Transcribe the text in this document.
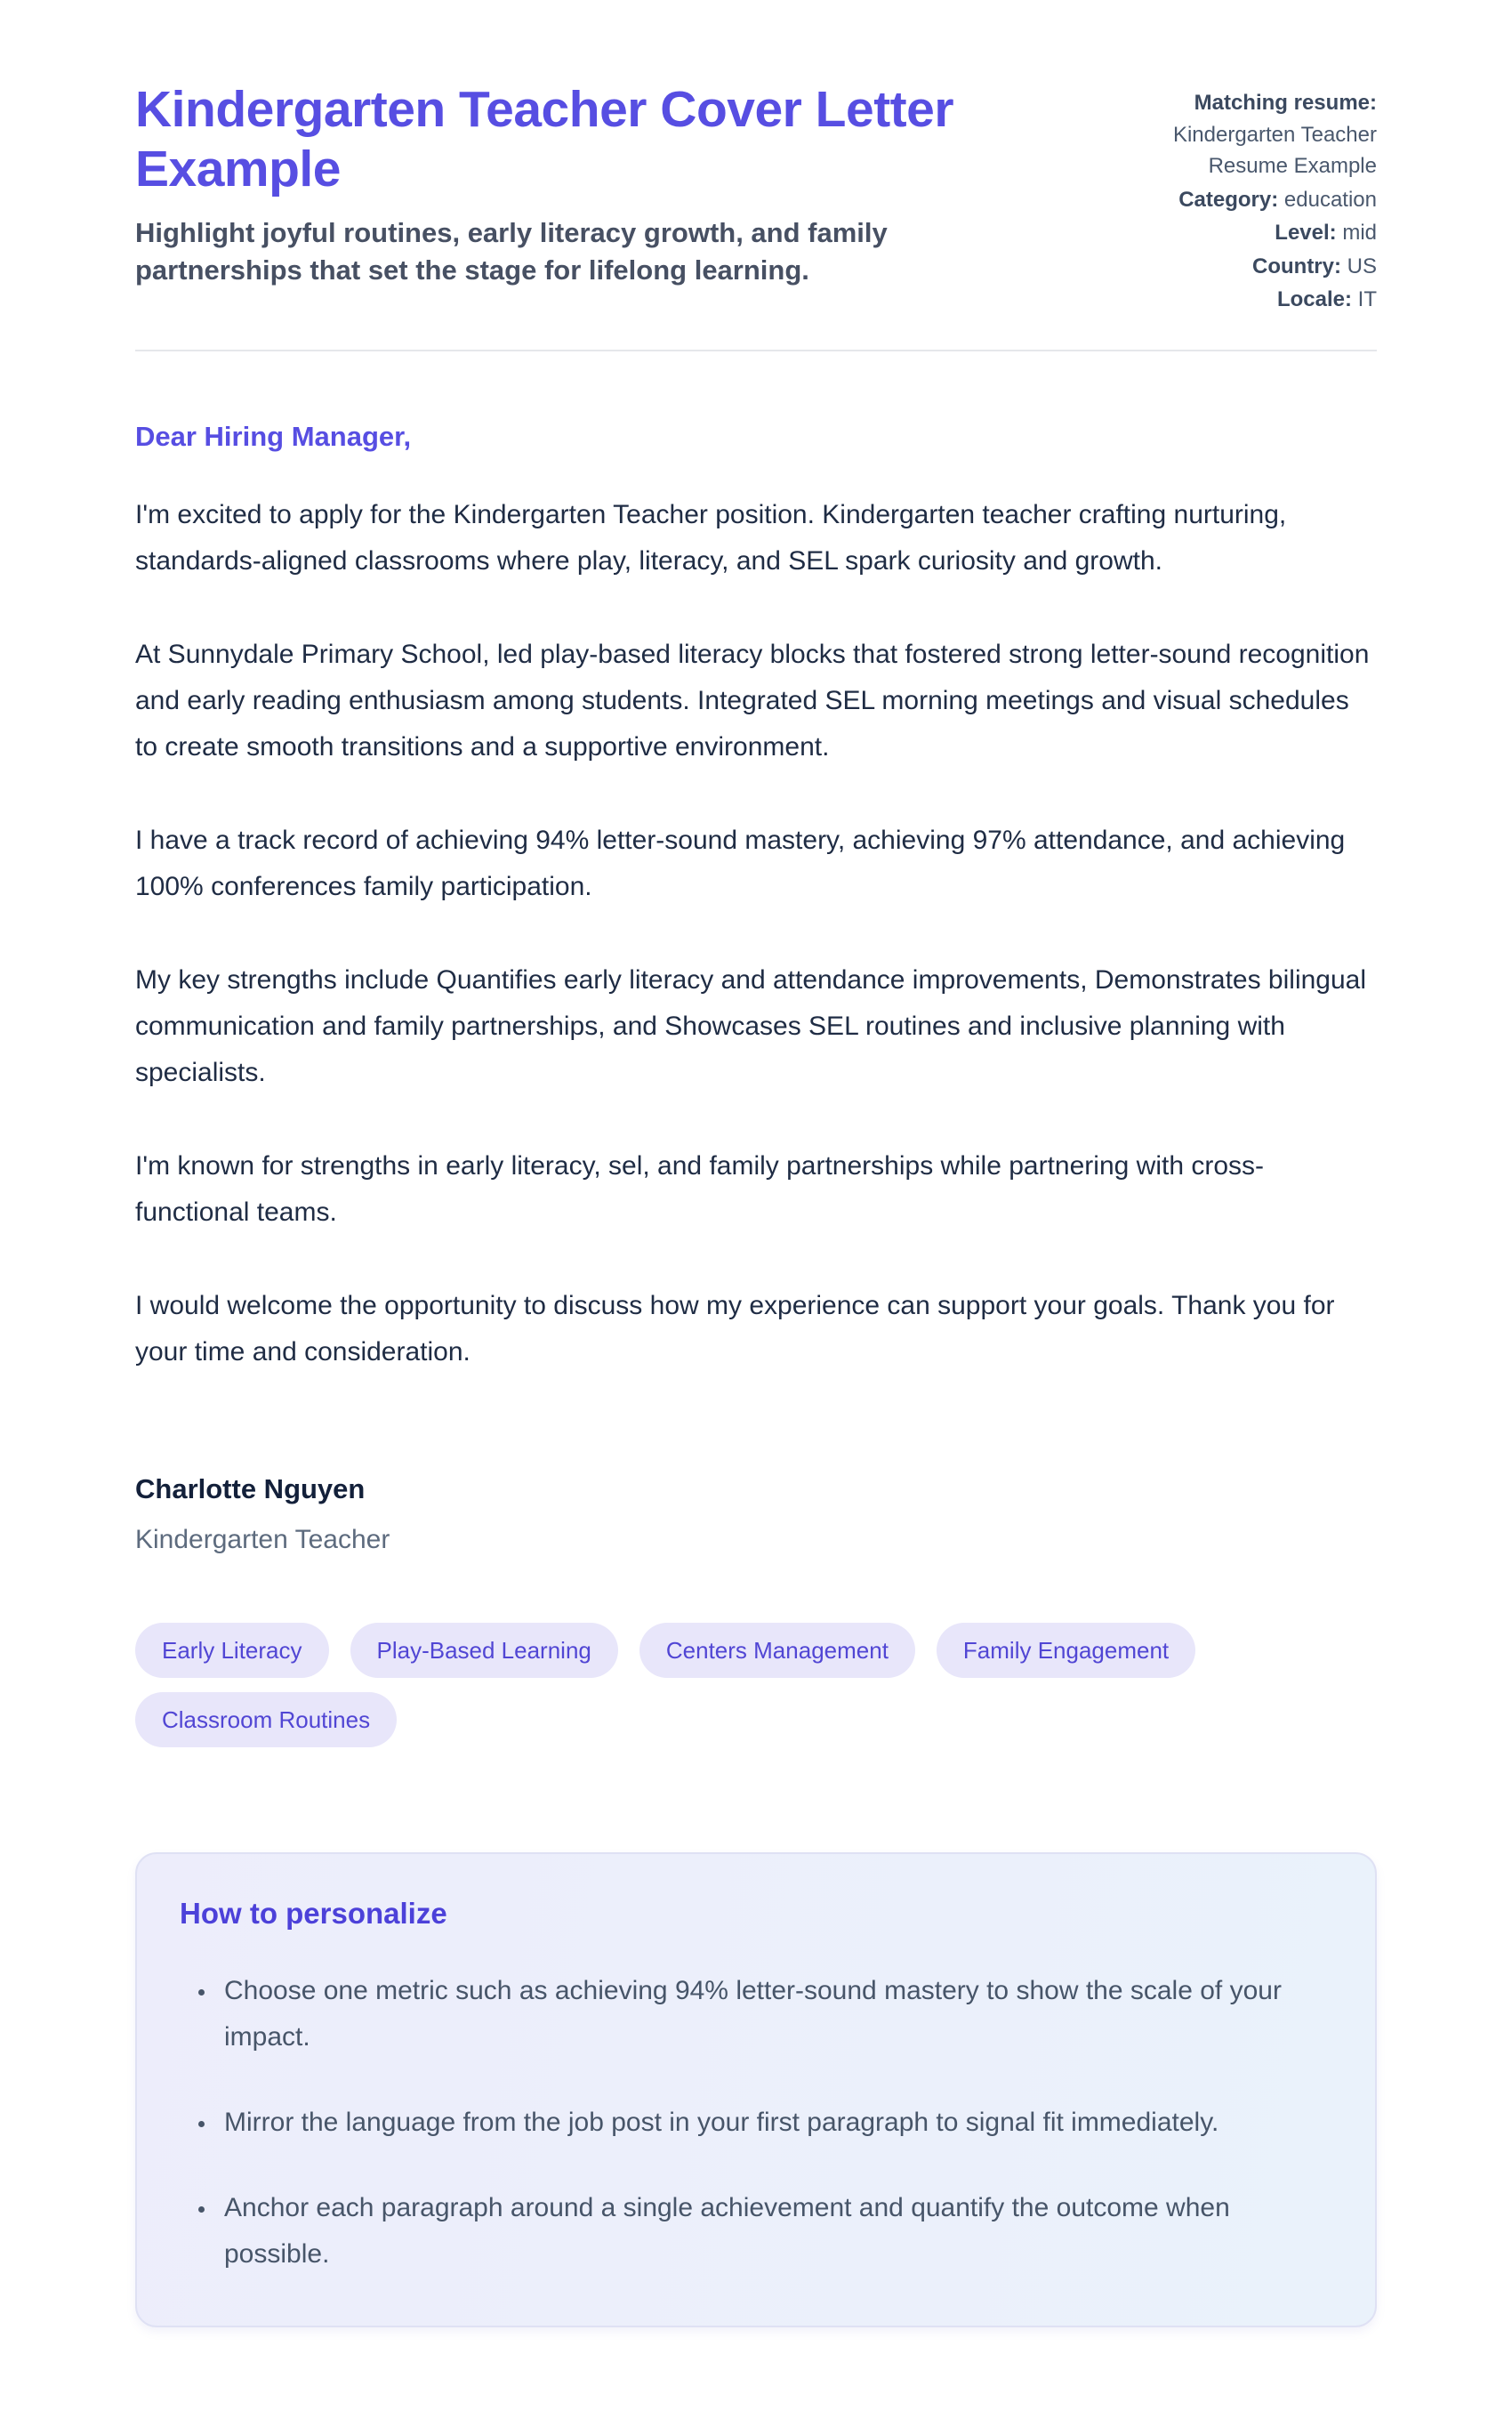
Kindergarten Teacher Cover Letter Example
Highlight joyful routines, early literacy growth, and family partnerships that set the stage for lifelong learning.
Matching resume: Kindergarten Teacher Resume Example
Category: education
Level: mid
Country: US
Locale: IT
Dear Hiring Manager,

I'm excited to apply for the Kindergarten Teacher position. Kindergarten teacher crafting nurturing, standards-aligned classrooms where play, literacy, and SEL spark curiosity and growth.

At Sunnydale Primary School, led play-based literacy blocks that fostered strong letter-sound recognition and early reading enthusiasm among students. Integrated SEL morning meetings and visual schedules to create smooth transitions and a supportive environment.

I have a track record of achieving 94% letter-sound mastery, achieving 97% attendance, and achieving 100% conferences family participation.

My key strengths include Quantifies early literacy and attendance improvements, Demonstrates bilingual communication and family partnerships, and Showcases SEL routines and inclusive planning with specialists.

I'm known for strengths in early literacy, sel, and family partnerships while partnering with cross-functional teams.

I would welcome the opportunity to discuss how my experience can support your goals. Thank you for your time and consideration.

Charlotte Nguyen
Kindergarten Teacher
Early Literacy	Play-Based Learning	Centers Management	Family Engagement
Classroom Routines
How to personalize
• Choose one metric such as achieving 94% letter-sound mastery to show the scale of your impact.
• Mirror the language from the job post in your first paragraph to signal fit immediately.
• Anchor each paragraph around a single achievement and quantify the outcome when possible.
